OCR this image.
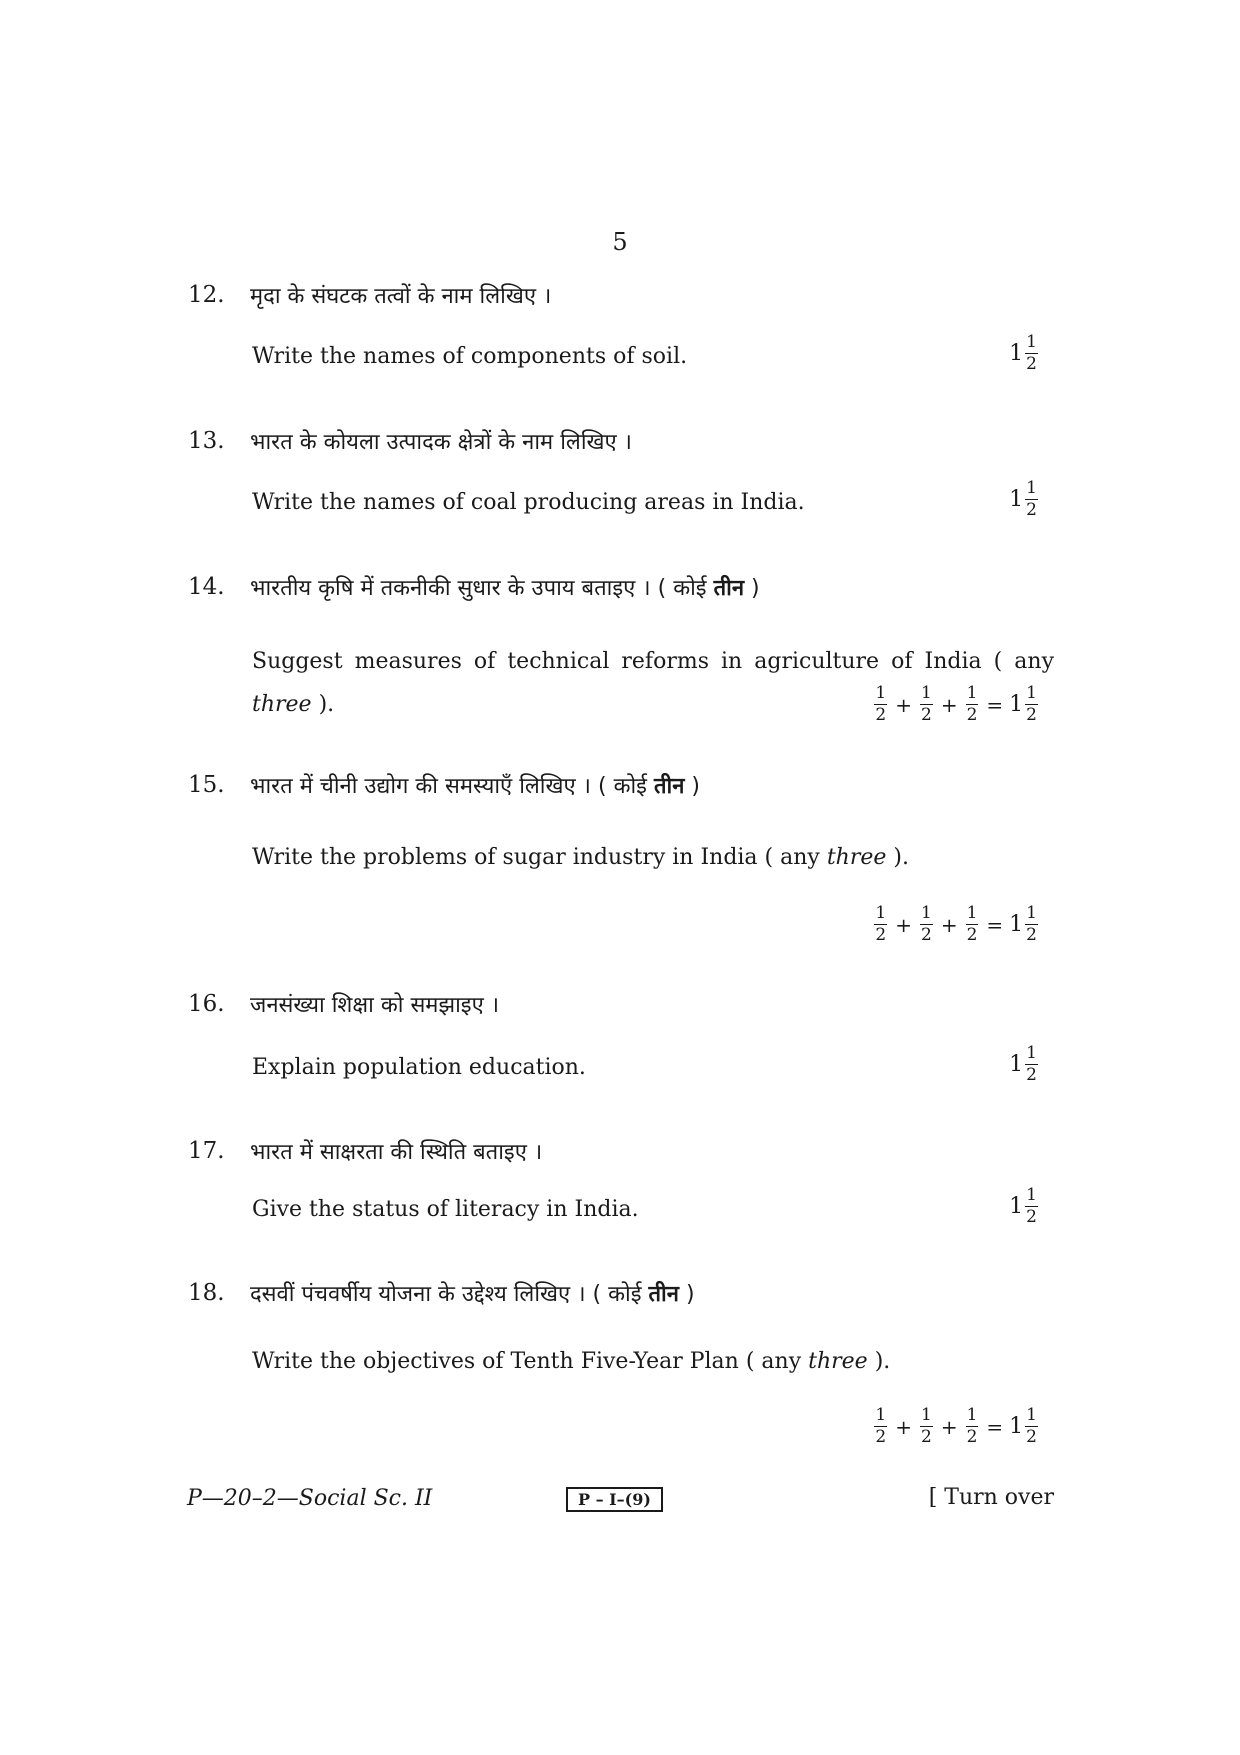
5
12. मृदा के संघटक तत्वों के नाम लिखिए ।
Write the names of components of soil.	$1 \frac{1}{2}$
13. भारत के कोयला उत्पादक क्षेत्रों के नाम लिखिए ।
Write the names of coal producing areas in India.	$1 \frac{1}{2}$
14. भारतीय कृषि में तकनीकी सुधार के उपाय बताइए । ( कोई तीन )
Suggest measures of technical reforms in agriculture of India ( any three ).	$\frac{1}{2} + \frac{1}{2} + \frac{1}{2} = 1 \frac{1}{2}$
15. भारत में चीनी उद्योग की समस्याएँ लिखिए । ( कोई तीन )
Write the problems of sugar industry in India ( any three ).
$\frac{1}{2} + \frac{1}{2} + \frac{1}{2} = 1 \frac{1}{2}$
16. जनसंख्या शिक्षा को समझाइए ।
Explain population education.	$1 \frac{1}{2}$
17. भारत में साक्षरता की स्थिति बताइए ।
Give the status of literacy in India.	$1 \frac{1}{2}$
18. दसवीं पंचवर्षीय योजना के उद्देश्य लिखिए । ( कोई तीन )
Write the objectives of Tenth Five-Year Plan ( any three ).
$\frac{1}{2} + \frac{1}{2} + \frac{1}{2} = 1 \frac{1}{2}$
P—20–2—Social Sc. II	P – I–(9)	[ Turn over
